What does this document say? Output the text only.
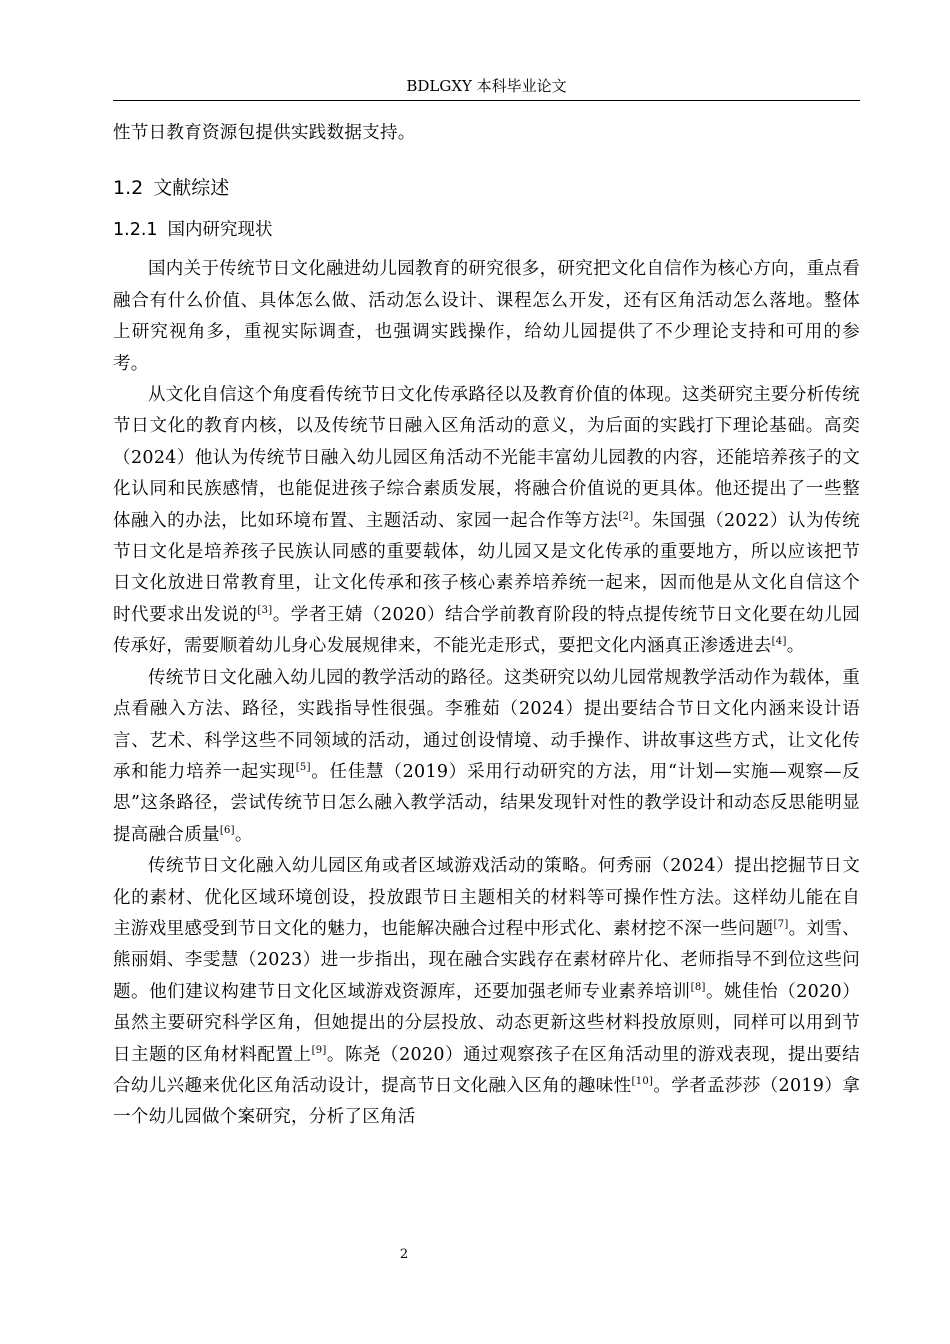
BDLGXY 本科毕业论文

性节日教育资源包提供实践数据支持。

1.2 文献综述
1.2.1 国内研究现状

国内关于传统节日文化融进幼儿园教育的研究很多，研究把文化自信作为核心方向，重点看融合有什么价值、具体怎么做、活动怎么设计、课程怎么开发，还有区角活动怎么落地。整体上研究视角多，重视实际调查，也强调实践操作，给幼儿园提供了不少理论支持和可用的参考。

从文化自信这个角度看传统节日文化传承路径以及教育价值的体现。这类研究主要分析传统节日文化的教育内核，以及传统节日融入区角活动的意义，为后面的实践打下理论基础。高奕（2024）他认为传统节日融入幼儿园区角活动不光能丰富幼儿园教的内容，还能培养孩子的文化认同和民族感情，也能促进孩子综合素质发展，将融合价值说的更具体。他还提出了一些整体融入的办法，比如环境布置、主题活动、家园一起合作等方法[2]。朱国强（2022）认为传统节日文化是培养孩子民族认同感的重要载体，幼儿园又是文化传承的重要地方，所以应该把节日文化放进日常教育里，让文化传承和孩子核心素养培养统一起来，因而他是从文化自信这个时代要求出发说的[3]。学者王婧（2020）结合学前教育阶段的特点提传统节日文化要在幼儿园传承好，需要顺着幼儿身心发展规律来，不能光走形式，要把文化内涵真正渗透进去[4]。

传统节日文化融入幼儿园的教学活动的路径。这类研究以幼儿园常规教学活动作为载体，重点看融入方法、路径，实践指导性很强。李雅茹（2024）提出要结合节日文化内涵来设计语言、艺术、科学这些不同领域的活动，通过创设情境、动手操作、讲故事这些方式，让文化传承和能力培养一起实现[5]。任佳慧（2019）采用行动研究的方法，用“计划—实施—观察—反思”这条路径，尝试传统节日怎么融入教学活动，结果发现针对性的教学设计和动态反思能明显提高融合质量[6]。

传统节日文化融入幼儿园区角或者区域游戏活动的策略。何秀丽（2024）提出挖掘节日文化的素材、优化区域环境创设，投放跟节日主题相关的材料等可操作性方法。这样幼儿能在自主游戏里感受到节日文化的魅力，也能解决融合过程中形式化、素材挖不深一些问题[7]。刘雪、熊丽娟、李雯慧（2023）进一步指出，现在融合实践存在素材碎片化、老师指导不到位这些问题。他们建议构建节日文化区域游戏资源库，还要加强老师专业素养培训[8]。姚佳怡（2020）虽然主要研究科学区角，但她提出的分层投放、动态更新这些材料投放原则，同样可以用到节日主题的区角材料配置上[9]。陈尧（2020）通过观察孩子在区角活动里的游戏表现，提出要结合幼儿兴趣来优化区角活动设计，提高节日文化融入区角的趣味性[10]。学者孟莎莎（2019）拿一个幼儿园做个案研究，分析了区角活

2
